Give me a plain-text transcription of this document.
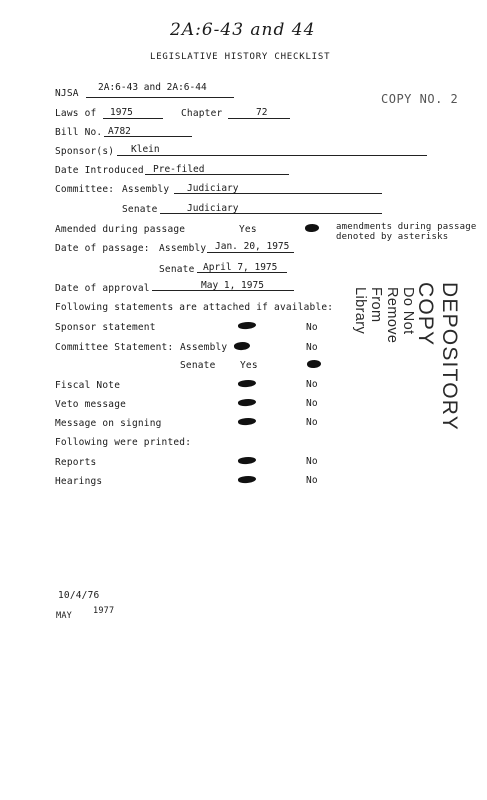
2A:6-43 and 44
LEGISLATIVE HISTORY CHECKLIST
COPY NO. 2
NJSA
2A:6-43 and 2A:6-44
Laws of 1975	Chapter	72
Bill No. A782
Sponsor(s) Klein
Date Introduced Pre-filed
Committee: Assembly Judiciary
Senate	Judiciary
Amended during passage	Yes	amendments during passage
denoted by asterisks
Date of passage: Assembly Jan. 20, 1975
Senate April 7, 1975
Date of approval	May 1, 1975
Following statements are attached if available:
Sponsor statement	No
Committee Statement: Assembly	No
Senate	Yes
Fiscal Note	No
Veto message	No
Message on signing	No
Following were printed:
Reports	No
Hearings	No
10/4/76
MAY 1977
DEPOSITORY COPY
Do Not Remove From Library
